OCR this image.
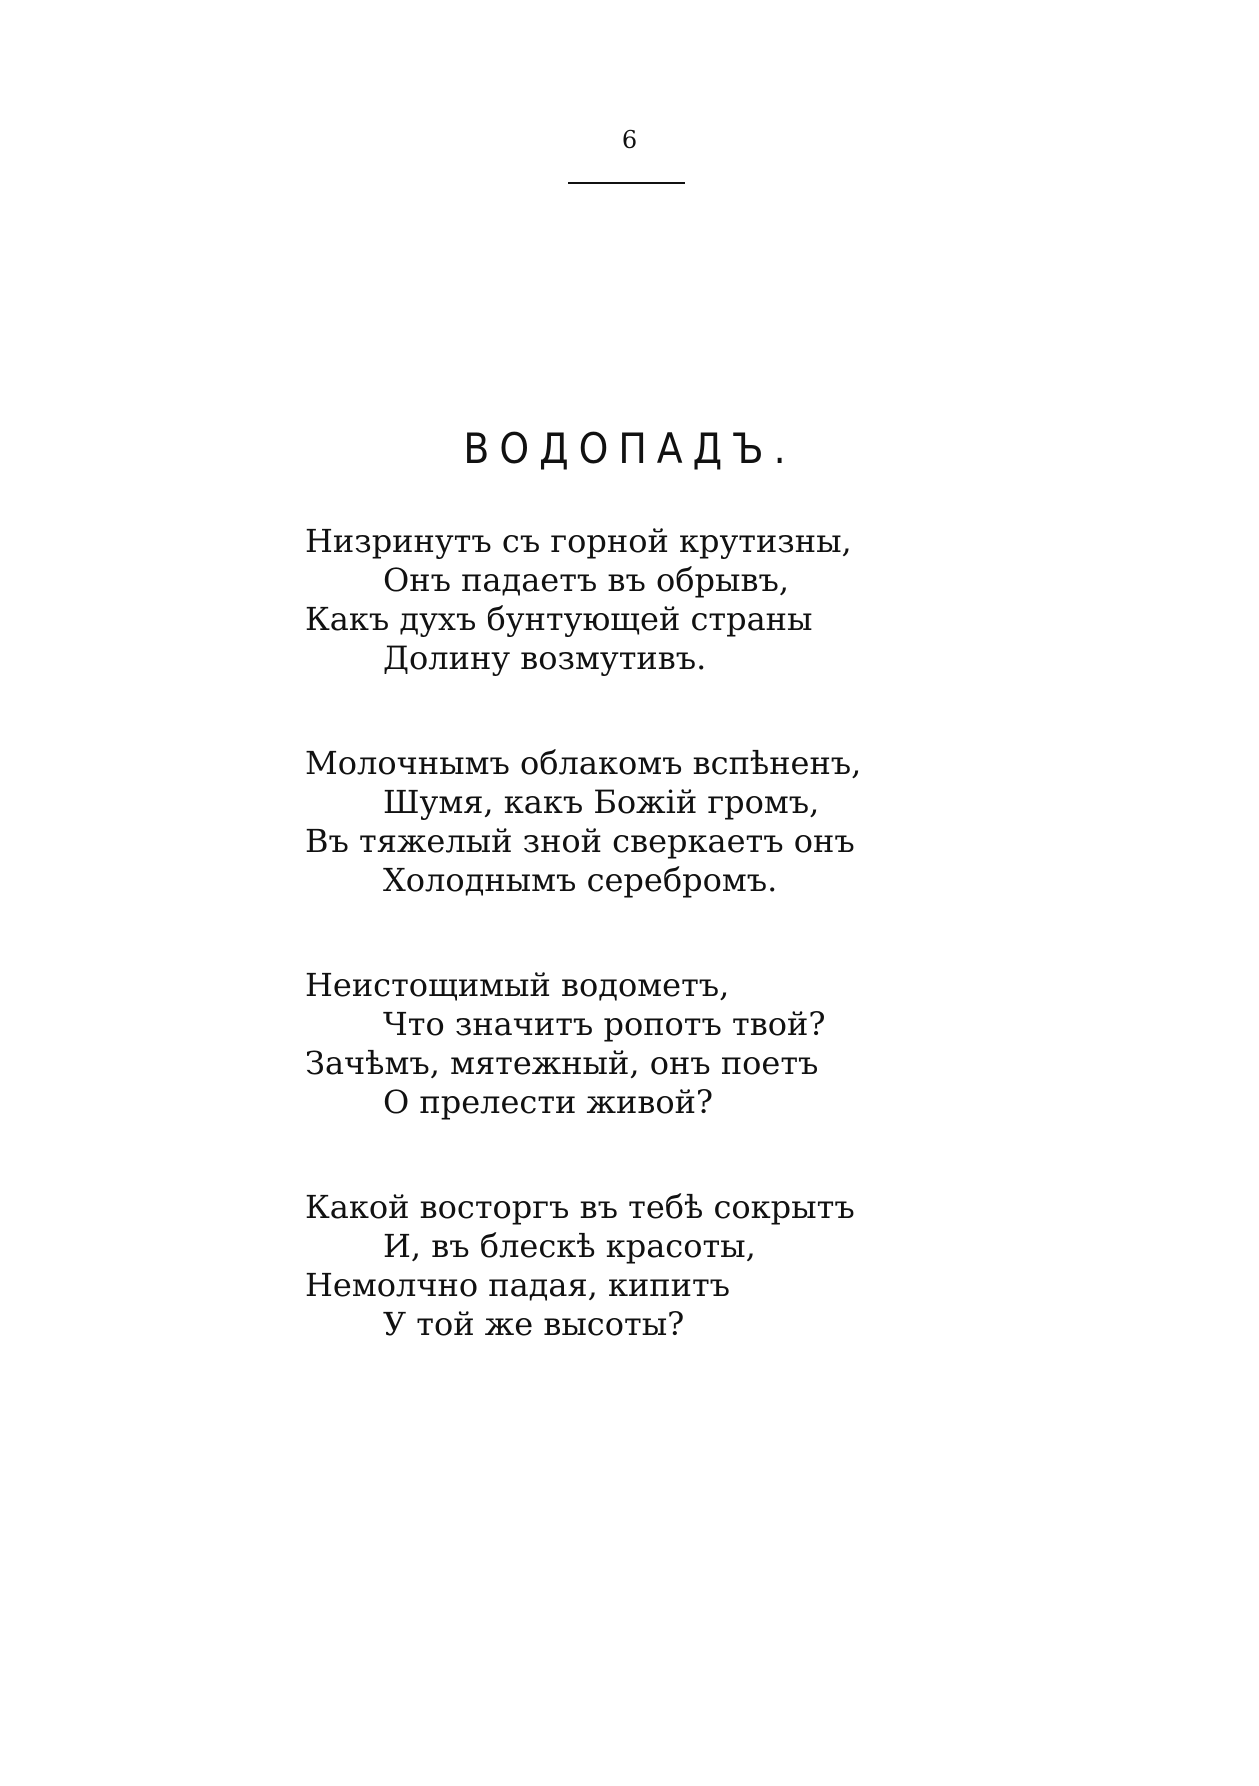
6
ВОДОПАДЪ.
Низринутъ съ горной крутизны,
Онъ падаетъ въ обрывъ,
Какъ духъ бунтующей страны
Долину возмутивъ.
Молочнымъ облакомъ вспѣненъ,
Шумя, какъ Божій громъ,
Въ тяжелый зной сверкаетъ онъ
Холоднымъ серебромъ.
Неистощимый водометъ,
Что значитъ ропотъ твой?
Зачѣмъ, мятежный, онъ поетъ
О прелести живой?
Какой восторгъ въ тебѣ сокрытъ
И, въ блескѣ красоты,
Немолчно падая, кипитъ
У той же высоты?
